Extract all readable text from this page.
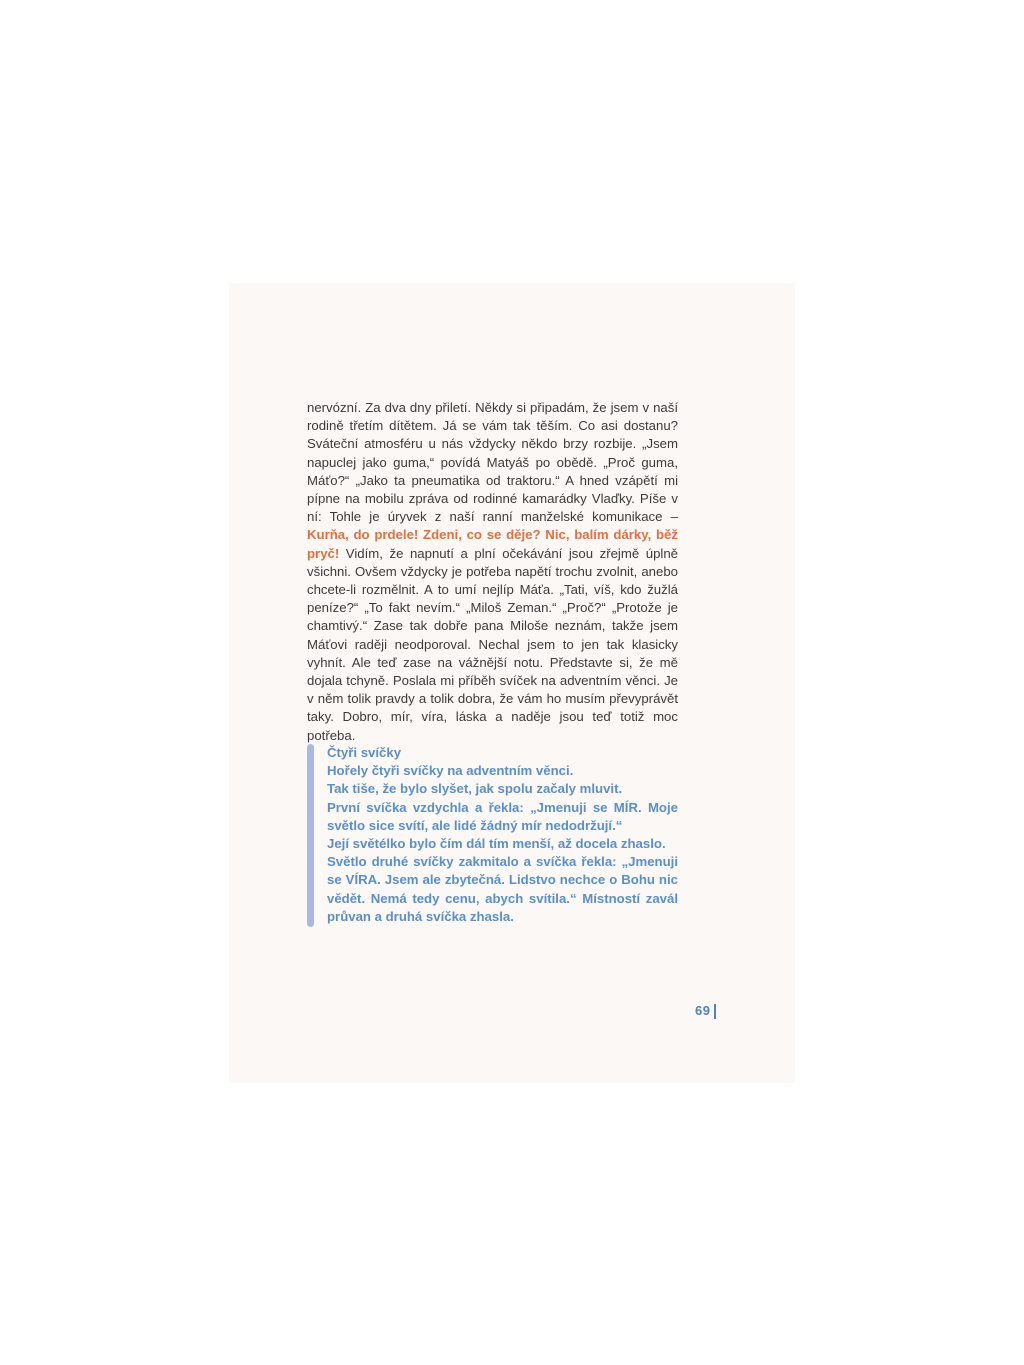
nervózní. Za dva dny přiletí. Někdy si připadám, že jsem v naší rodině třetím dítětem. Já se vám tak těším. Co asi dostanu? Sváteční atmosféru u nás vždycky někdo brzy rozbije. „Jsem napuclej jako guma,“ povídá Matyáš po obědě. „Proč guma, Máťo?“ „Jako ta pneumatika od traktoru.“ A hned vzápětí mi pípne na mobilu zpráva od rodinné kamarádky Vlaďky. Píše v ní: Tohle je úryvek z naší ranní manželské komunikace – Kurňa, do prdele! Zdeni, co se děje? Nic, balím dárky, běž pryč! Vidím, že napnutí a plní očekávání jsou zřejmě úplně všichni. Ovšem vždycky je potřeba napětí trochu zvolnit, anebo chcete-li rozmělnit. A to umí nejlíp Máťa. „Tati, víš, kdo žužlá peníze?“ „To fakt nevím.“ „Miloš Zeman.“ „Proč?“ „Protože je chamtivý.“ Zase tak dobře pana Miloše neznám, takže jsem Máťovi raději neodporoval. Nechal jsem to jen tak klasicky vyhnít. Ale teď zase na vážnější notu. Představte si, že mě dojala tchyně. Poslala mi příběh svíček na adventním věnci. Je v něm tolik pravdy a tolik dobra, že vám ho musím převyprávět taky. Dobro, mír, víra, láska a naděje jsou teď totiž moc potřeba.

Čtyři svíčky
Hořely čtyři svíčky na adventním věnci.
Tak tiše, že bylo slyšet, jak spolu začaly mluvit.
První svíčka vzdychla a řekla: „Jmenuji se MÍR. Moje světlo sice svítí, ale lidé žádný mír nedodržují.“
Její světélko bylo čím dál tím menší, až docela zhaslo.
Světlo druhé svíčky zakmitalo a svíčka řekla: „Jmenuji se VÍRA. Jsem ale zbytečná. Lidstvo nechce o Bohu nic vědět. Nemá tedy cenu, abych svítila.“ Místností zavál průvan a druhá svíčka zhasla.

69
